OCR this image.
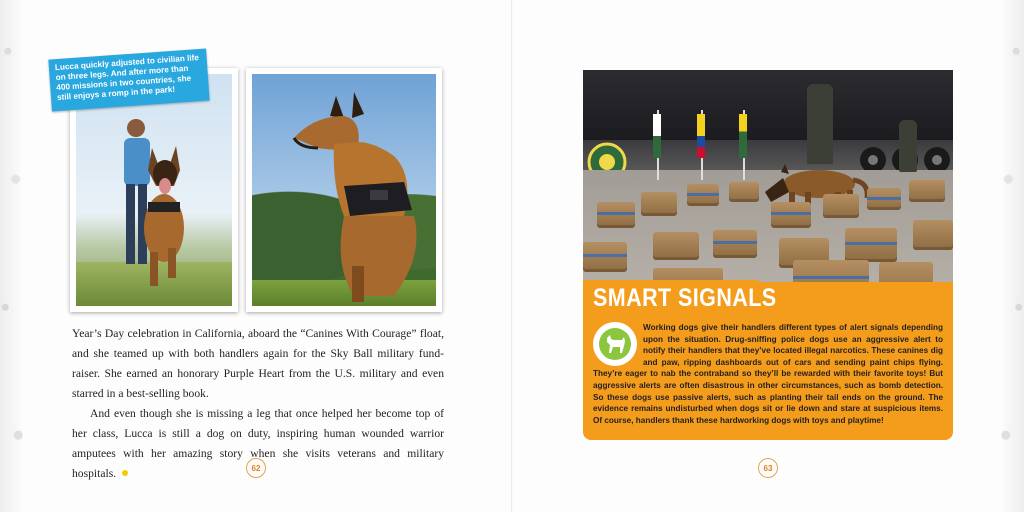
Lucca quickly adjusted to civilian life on three legs. And after more than 400 missions in two countries, she still enjoys a romp in the park!

Year’s Day celebration in California, aboard the “Canines With Courage” float, and she teamed up with both handlers again for the Sky Ball military fund-raiser. She earned an honorary Purple Heart from the U.S. military and even starred in a best-selling book.

And even though she is missing a leg that once helped her become top of her class, Lucca is still a dog on duty, inspiring human wounded warrior amputees with her amazing story when she visits veterans and military hospitals.	62
SMART SIGNALS

Working dogs give their handlers different types of alert signals depending upon the situation. Drug-sniffing police dogs use an aggressive alert to notify their handlers that they’ve located illegal narcotics. These canines dig and paw, ripping dashboards out of cars and sending paint chips flying. They’re eager to nab the contraband so they’ll be rewarded with their favorite toys! But aggressive alerts are often disastrous in other circumstances, such as bomb detection. So these dogs use passive alerts, such as planting their tail ends on the ground. The evidence remains undisturbed when dogs sit or lie down and stare at suspicious items. Of course, handlers thank these hardworking dogs with toys and playtime!

63
